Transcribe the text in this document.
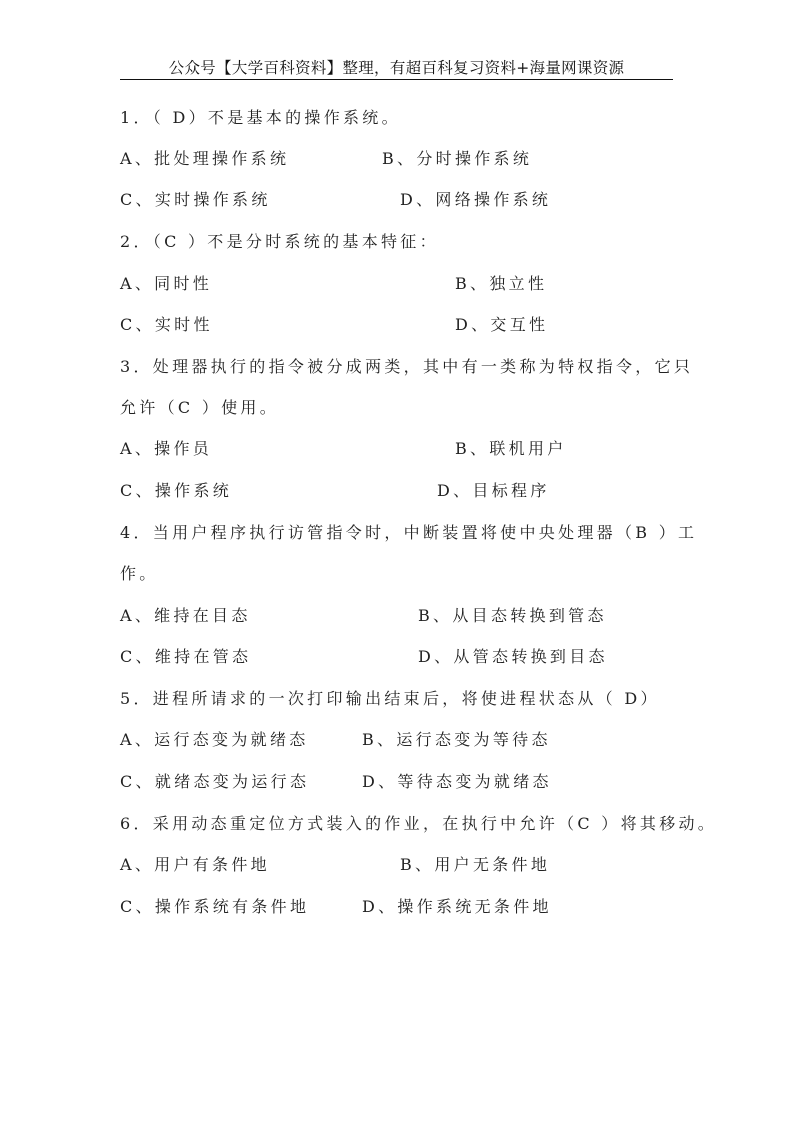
公众号【大学百科资料】整理，有超百科复习资料+海量网课资源
1．（ D）不是基本的操作系统。
A、批处理操作系统	B、分时操作系统
C、实时操作系统	D、网络操作系统
2．（C ）不是分时系统的基本特征：
A、同时性	B、独立性
C、实时性	D、交互性
3．处理器执行的指令被分成两类，其中有一类称为特权指令，它只
允许（C ）使用。
A、操作员	B、联机用户
C、操作系统	D、目标程序
4．当用户程序执行访管指令时，中断装置将使中央处理器（B ）工
作。
A、维持在目态	B、从目态转换到管态
C、维持在管态	D、从管态转换到目态
5．进程所请求的一次打印输出结束后，将使进程状态从（ D）
A、运行态变为就绪态	B、运行态变为等待态
C、就绪态变为运行态	D、等待态变为就绪态
6．采用动态重定位方式装入的作业，在执行中允许（C ）将其移动。
A、用户有条件地	B、用户无条件地
C、操作系统有条件地	D、操作系统无条件地
